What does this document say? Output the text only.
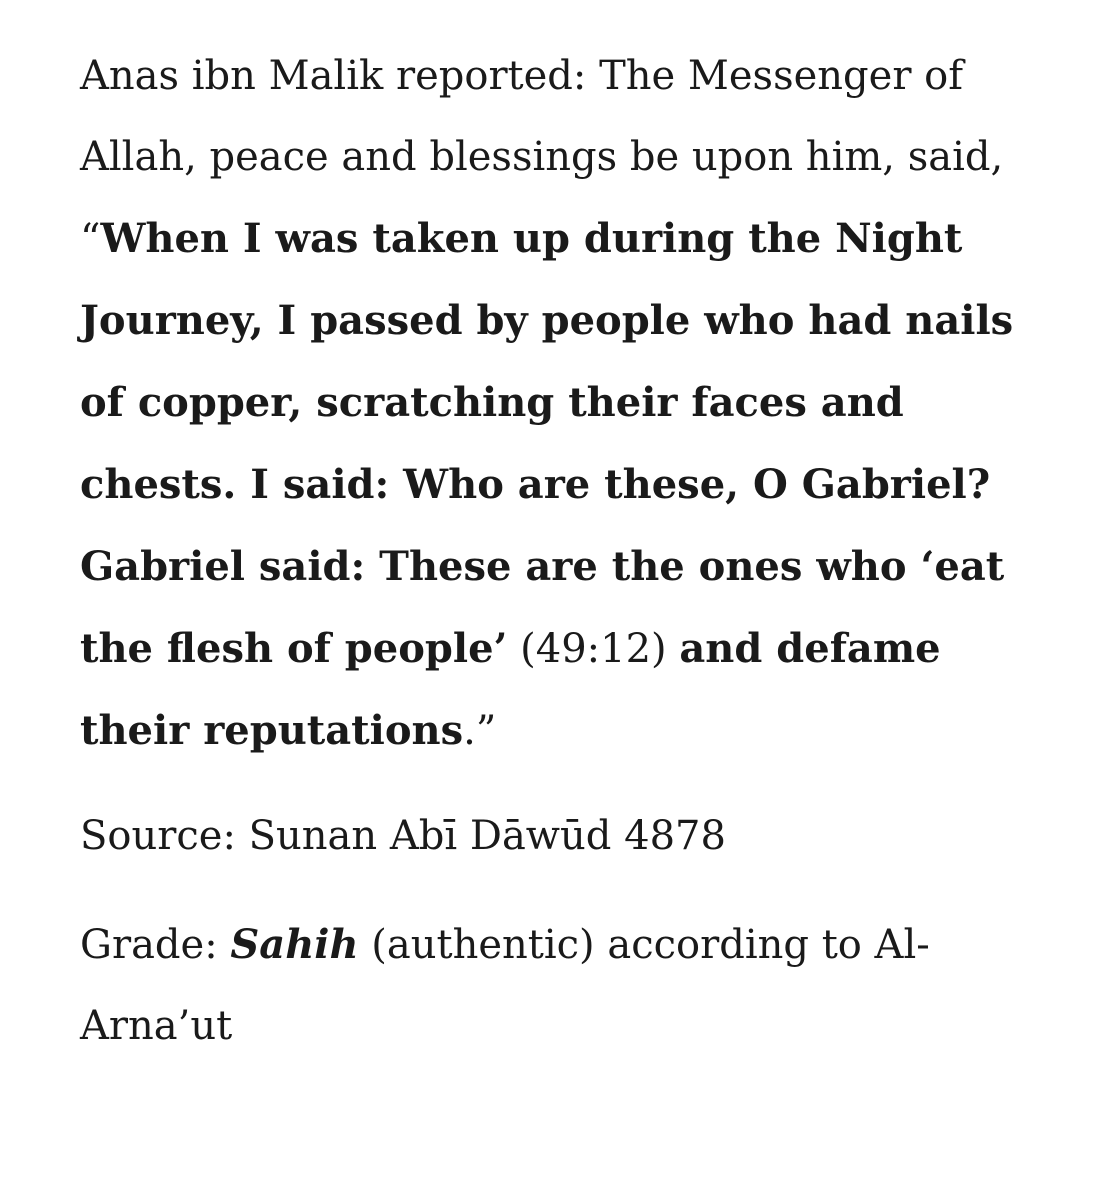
Anas ibn Malik reported: The Messenger of Allah, peace and blessings be upon him, said, “When I was taken up during the Night Journey, I passed by people who had nails of copper, scratching their faces and chests. I said: Who are these, O Gabriel? Gabriel said: These are the ones who ‘eat the flesh of people’ (49:12) and defame their reputations.”

Source: Sunan Abī Dāwūd 4878

Grade: Sahih (authentic) according to Al-Arna’ut
